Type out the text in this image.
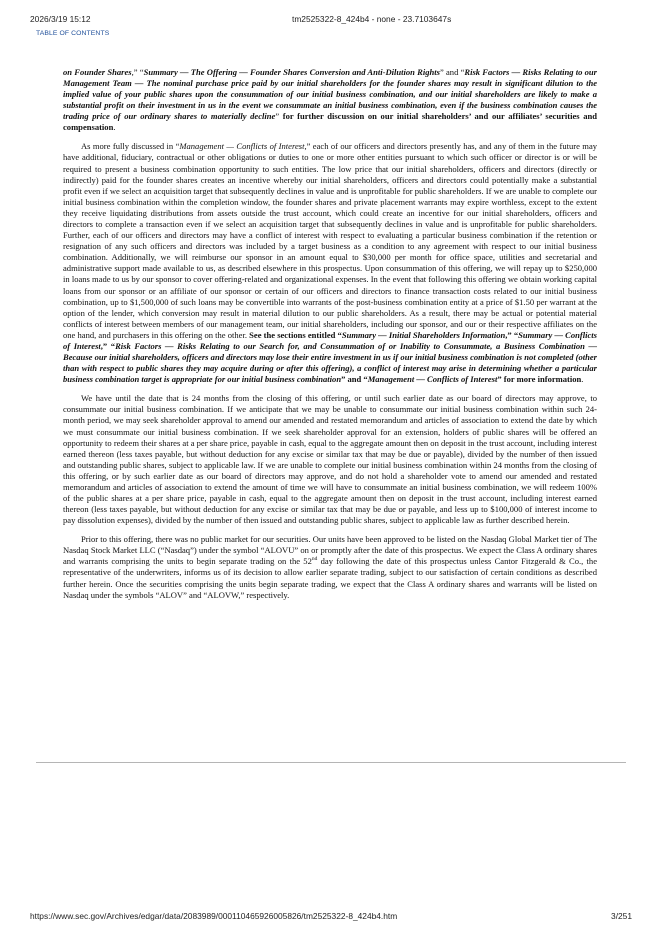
2026/3/19 15:12	tm2525322-8_424b4 - none - 23.7103647s
TABLE OF CONTENTS

on Founder Shares,” “Summary — The Offering — Founder Shares Conversion and Anti-Dilution Rights” and “Risk Factors — Risks Relating to our Management Team — The nominal purchase price paid by our initial shareholders for the founder shares may result in significant dilution to the implied value of your public shares upon the consummation of our initial business combination, and our initial shareholders are likely to make a substantial profit on their investment in us in the event we consummate an initial business combination, even if the business combination causes the trading price of our ordinary shares to materially decline” for further discussion on our initial shareholders’ and our affiliates’ securities and compensation.

As more fully discussed in “Management — Conflicts of Interest,” each of our officers and directors presently has, and any of them in the future may have additional, fiduciary, contractual or other obligations or duties to one or more other entities pursuant to which such officer or director is or will be required to present a business combination opportunity to such entities. The low price that our initial shareholders, officers and directors (directly or indirectly) paid for the founder shares creates an incentive whereby our initial shareholders, officers and directors could potentially make a substantial profit even if we select an acquisition target that subsequently declines in value and is unprofitable for public shareholders. If we are unable to complete our initial business combination within the completion window, the founder shares and private placement warrants may expire worthless, except to the extent they receive liquidating distributions from assets outside the trust account, which could create an incentive for our initial shareholders, officers and directors to complete a transaction even if we select an acquisition target that subsequently declines in value and is unprofitable for public shareholders. Further, each of our officers and directors may have a conflict of interest with respect to evaluating a particular business combination if the retention or resignation of any such officers and directors was included by a target business as a condition to any agreement with respect to our initial business combination. Additionally, we will reimburse our sponsor in an amount equal to $30,000 per month for office space, utilities and secretarial and administrative support made available to us, as described elsewhere in this prospectus. Upon consummation of this offering, we will repay up to $250,000 in loans made to us by our sponsor to cover offering-related and organizational expenses. In the event that following this offering we obtain working capital loans from our sponsor or an affiliate of our sponsor or certain of our officers and directors to finance transaction costs related to our initial business combination, up to $1,500,000 of such loans may be convertible into warrants of the post-business combination entity at a price of $1.50 per warrant at the option of the lender, which conversion may result in material dilution to our public shareholders. As a result, there may be actual or potential material conflicts of interest between members of our management team, our initial shareholders, including our sponsor, and our or their respective affiliates on the one hand, and purchasers in this offering on the other. See the sections entitled “Summary — Initial Shareholders Information,” “Summary — Conflicts of Interest,” “Risk Factors — Risks Relating to our Search for, and Consummation of or Inability to Consummate, a Business Combination — Because our initial shareholders, officers and directors may lose their entire investment in us if our initial business combination is not completed (other than with respect to public shares they may acquire during or after this offering), a conflict of interest may arise in determining whether a particular business combination target is appropriate for our initial business combination” and “Management — Conflicts of Interest” for more information.

We have until the date that is 24 months from the closing of this offering, or until such earlier date as our board of directors may approve, to consummate our initial business combination. If we anticipate that we may be unable to consummate our initial business combination within such 24-month period, we may seek shareholder approval to amend our amended and restated memorandum and articles of association to extend the date by which we must consummate our initial business combination. If we seek shareholder approval for an extension, holders of public shares will be offered an opportunity to redeem their shares at a per share price, payable in cash, equal to the aggregate amount then on deposit in the trust account, including interest earned thereon (less taxes payable, but without deduction for any excise or similar tax that may be due or payable), divided by the number of then issued and outstanding public shares, subject to applicable law. If we are unable to complete our initial business combination within 24 months from the closing of this offering, or by such earlier date as our board of directors may approve, and do not hold a shareholder vote to amend our amended and restated memorandum and articles of association to extend the amount of time we will have to consummate an initial business combination, we will redeem 100% of the public shares at a per share price, payable in cash, equal to the aggregate amount then on deposit in the trust account, including interest earned thereon (less taxes payable, but without deduction for any excise or similar tax that may be due or payable, and less up to $100,000 of interest income to pay dissolution expenses), divided by the number of then issued and outstanding public shares, subject to applicable law as further described herein.

Prior to this offering, there was no public market for our securities. Our units have been approved to be listed on the Nasdaq Global Market tier of The Nasdaq Stock Market LLC (“Nasdaq”) under the symbol “ALOVU” on or promptly after the date of this prospectus. We expect the Class A ordinary shares and warrants comprising the units to begin separate trading on the 52nd day following the date of this prospectus unless Cantor Fitzgerald & Co., the representative of the underwriters, informs us of its decision to allow earlier separate trading, subject to our satisfaction of certain conditions as described further herein. Once the securities comprising the units begin separate trading, we expect that the Class A ordinary shares and warrants will be listed on Nasdaq under the symbols “ALOV” and “ALOVW,” respectively.

https://www.sec.gov/Archives/edgar/data/2083989/000110465926005826/tm2525322-8_424b4.htm	3/251
